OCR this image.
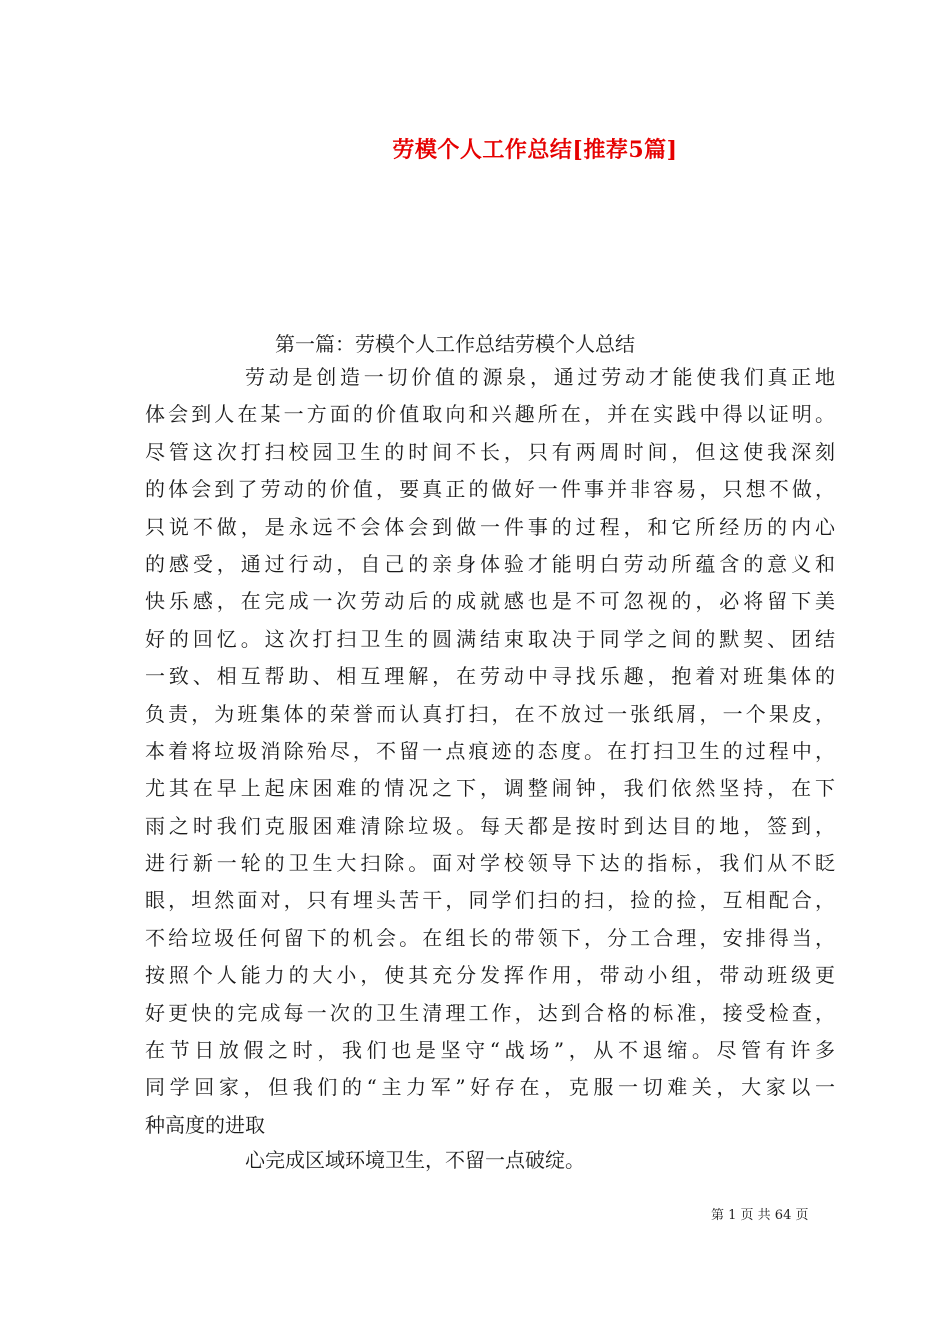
劳模个人工作总结[推荐5篇]
第一篇：劳模个人工作总结劳模个人总结
劳动是创造一切价值的源泉，通过劳动才能使我们真正地
体会到人在某一方面的价值取向和兴趣所在，并在实践中得以证明。
尽管这次打扫校园卫生的时间不长，只有两周时间，但这使我深刻
的体会到了劳动的价值，要真正的做好一件事并非容易，只想不做，
只说不做，是永远不会体会到做一件事的过程，和它所经历的内心
的感受，通过行动，自己的亲身体验才能明白劳动所蕴含的意义和
快乐感，在完成一次劳动后的成就感也是不可忽视的，必将留下美
好的回忆。这次打扫卫生的圆满结束取决于同学之间的默契、团结
一致、相互帮助、相互理解，在劳动中寻找乐趣，抱着对班集体的
负责，为班集体的荣誉而认真打扫，在不放过一张纸屑，一个果皮，
本着将垃圾消除殆尽，不留一点痕迹的态度。在打扫卫生的过程中，
尤其在早上起床困难的情况之下，调整闹钟，我们依然坚持，在下
雨之时我们克服困难清除垃圾。每天都是按时到达目的地，签到，
进行新一轮的卫生大扫除。面对学校领导下达的指标，我们从不眨
眼，坦然面对，只有埋头苦干，同学们扫的扫，捡的捡，互相配合，
不给垃圾任何留下的机会。在组长的带领下，分工合理，安排得当，
按照个人能力的大小，使其充分发挥作用，带动小组，带动班级更
好更快的完成每一次的卫生清理工作，达到合格的标准，接受检查，
在节日放假之时，我们也是坚守“战场”，从不退缩。尽管有许多
同学回家，但我们的“主力军”好存在，克服一切难关，大家以一
种高度的进取
心完成区域环境卫生，不留一点破绽。
第 1 页 共 64 页
